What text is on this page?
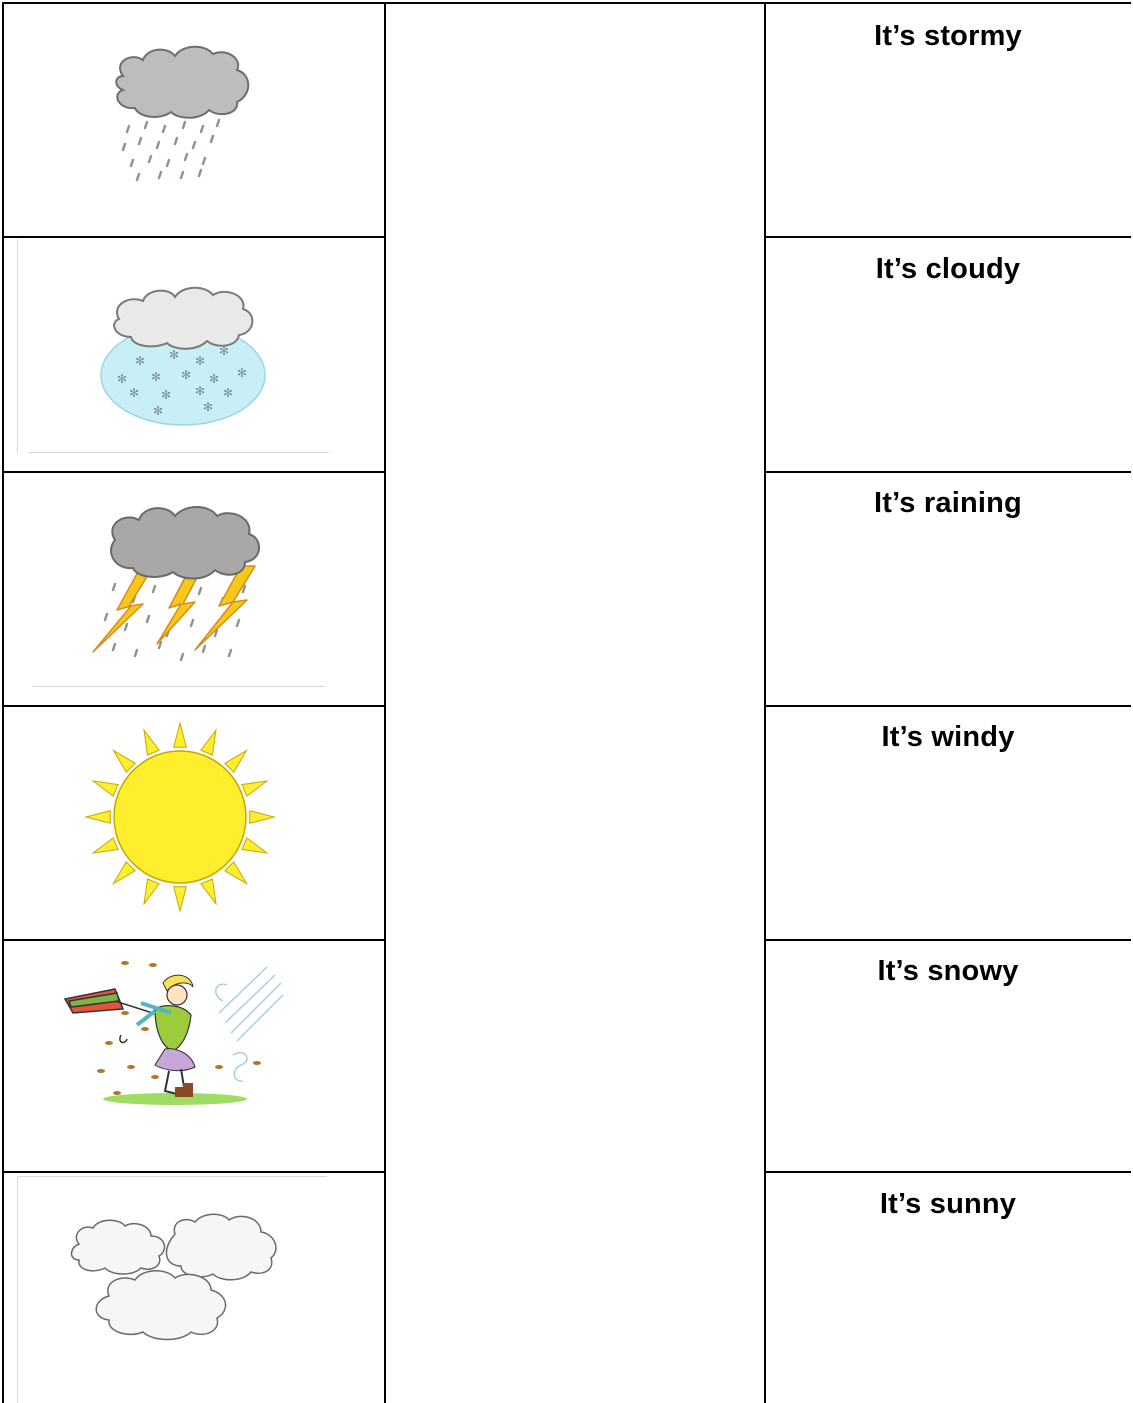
✻ ✻ ✻
✻
✻ ✻ ✻ ✻ ✻
✻ ✻ ✻ ✻
✻	✻
It’s stormy
It’s cloudy
It’s raining
It’s windy
It’s snowy
It’s sunny
